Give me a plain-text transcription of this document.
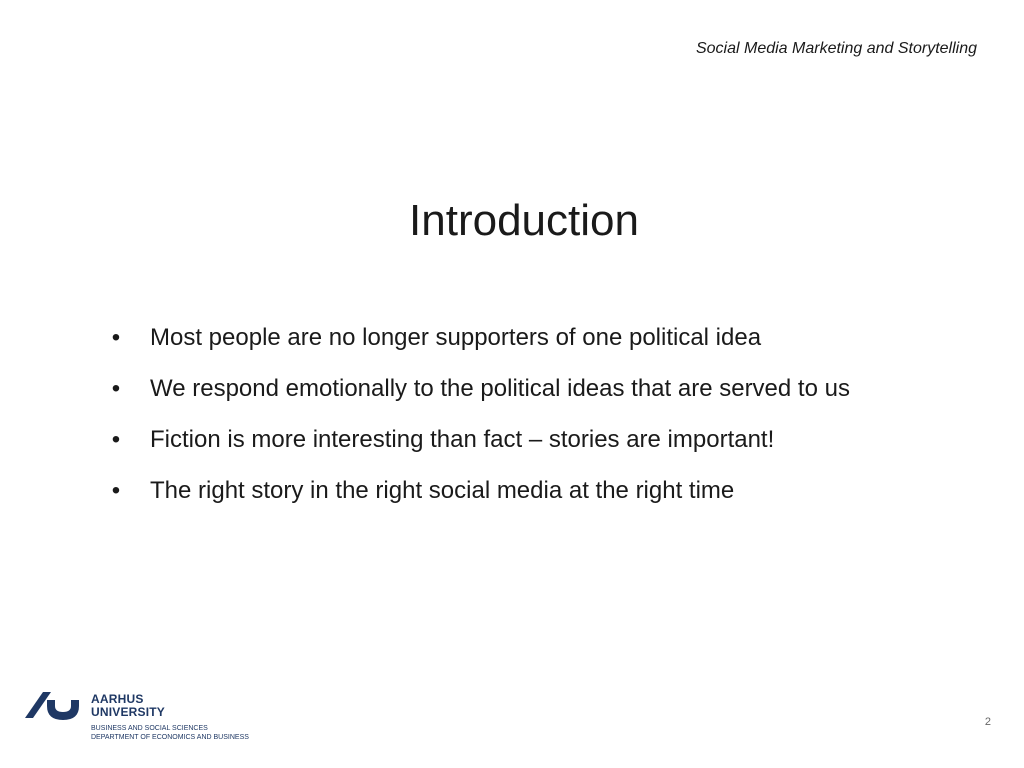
Social Media Marketing and Storytelling
Introduction
• Most people are no longer supporters of one political idea
• We respond emotionally to the political ideas that are served to us
• Fiction is more interesting than fact – stories are important!
• The right story in the right social media at the right time
AARHUS
UNIVERSITY
BUSINESS AND SOCIAL SCIENCES
DEPARTMENT OF ECONOMICS AND BUSINESS
2
